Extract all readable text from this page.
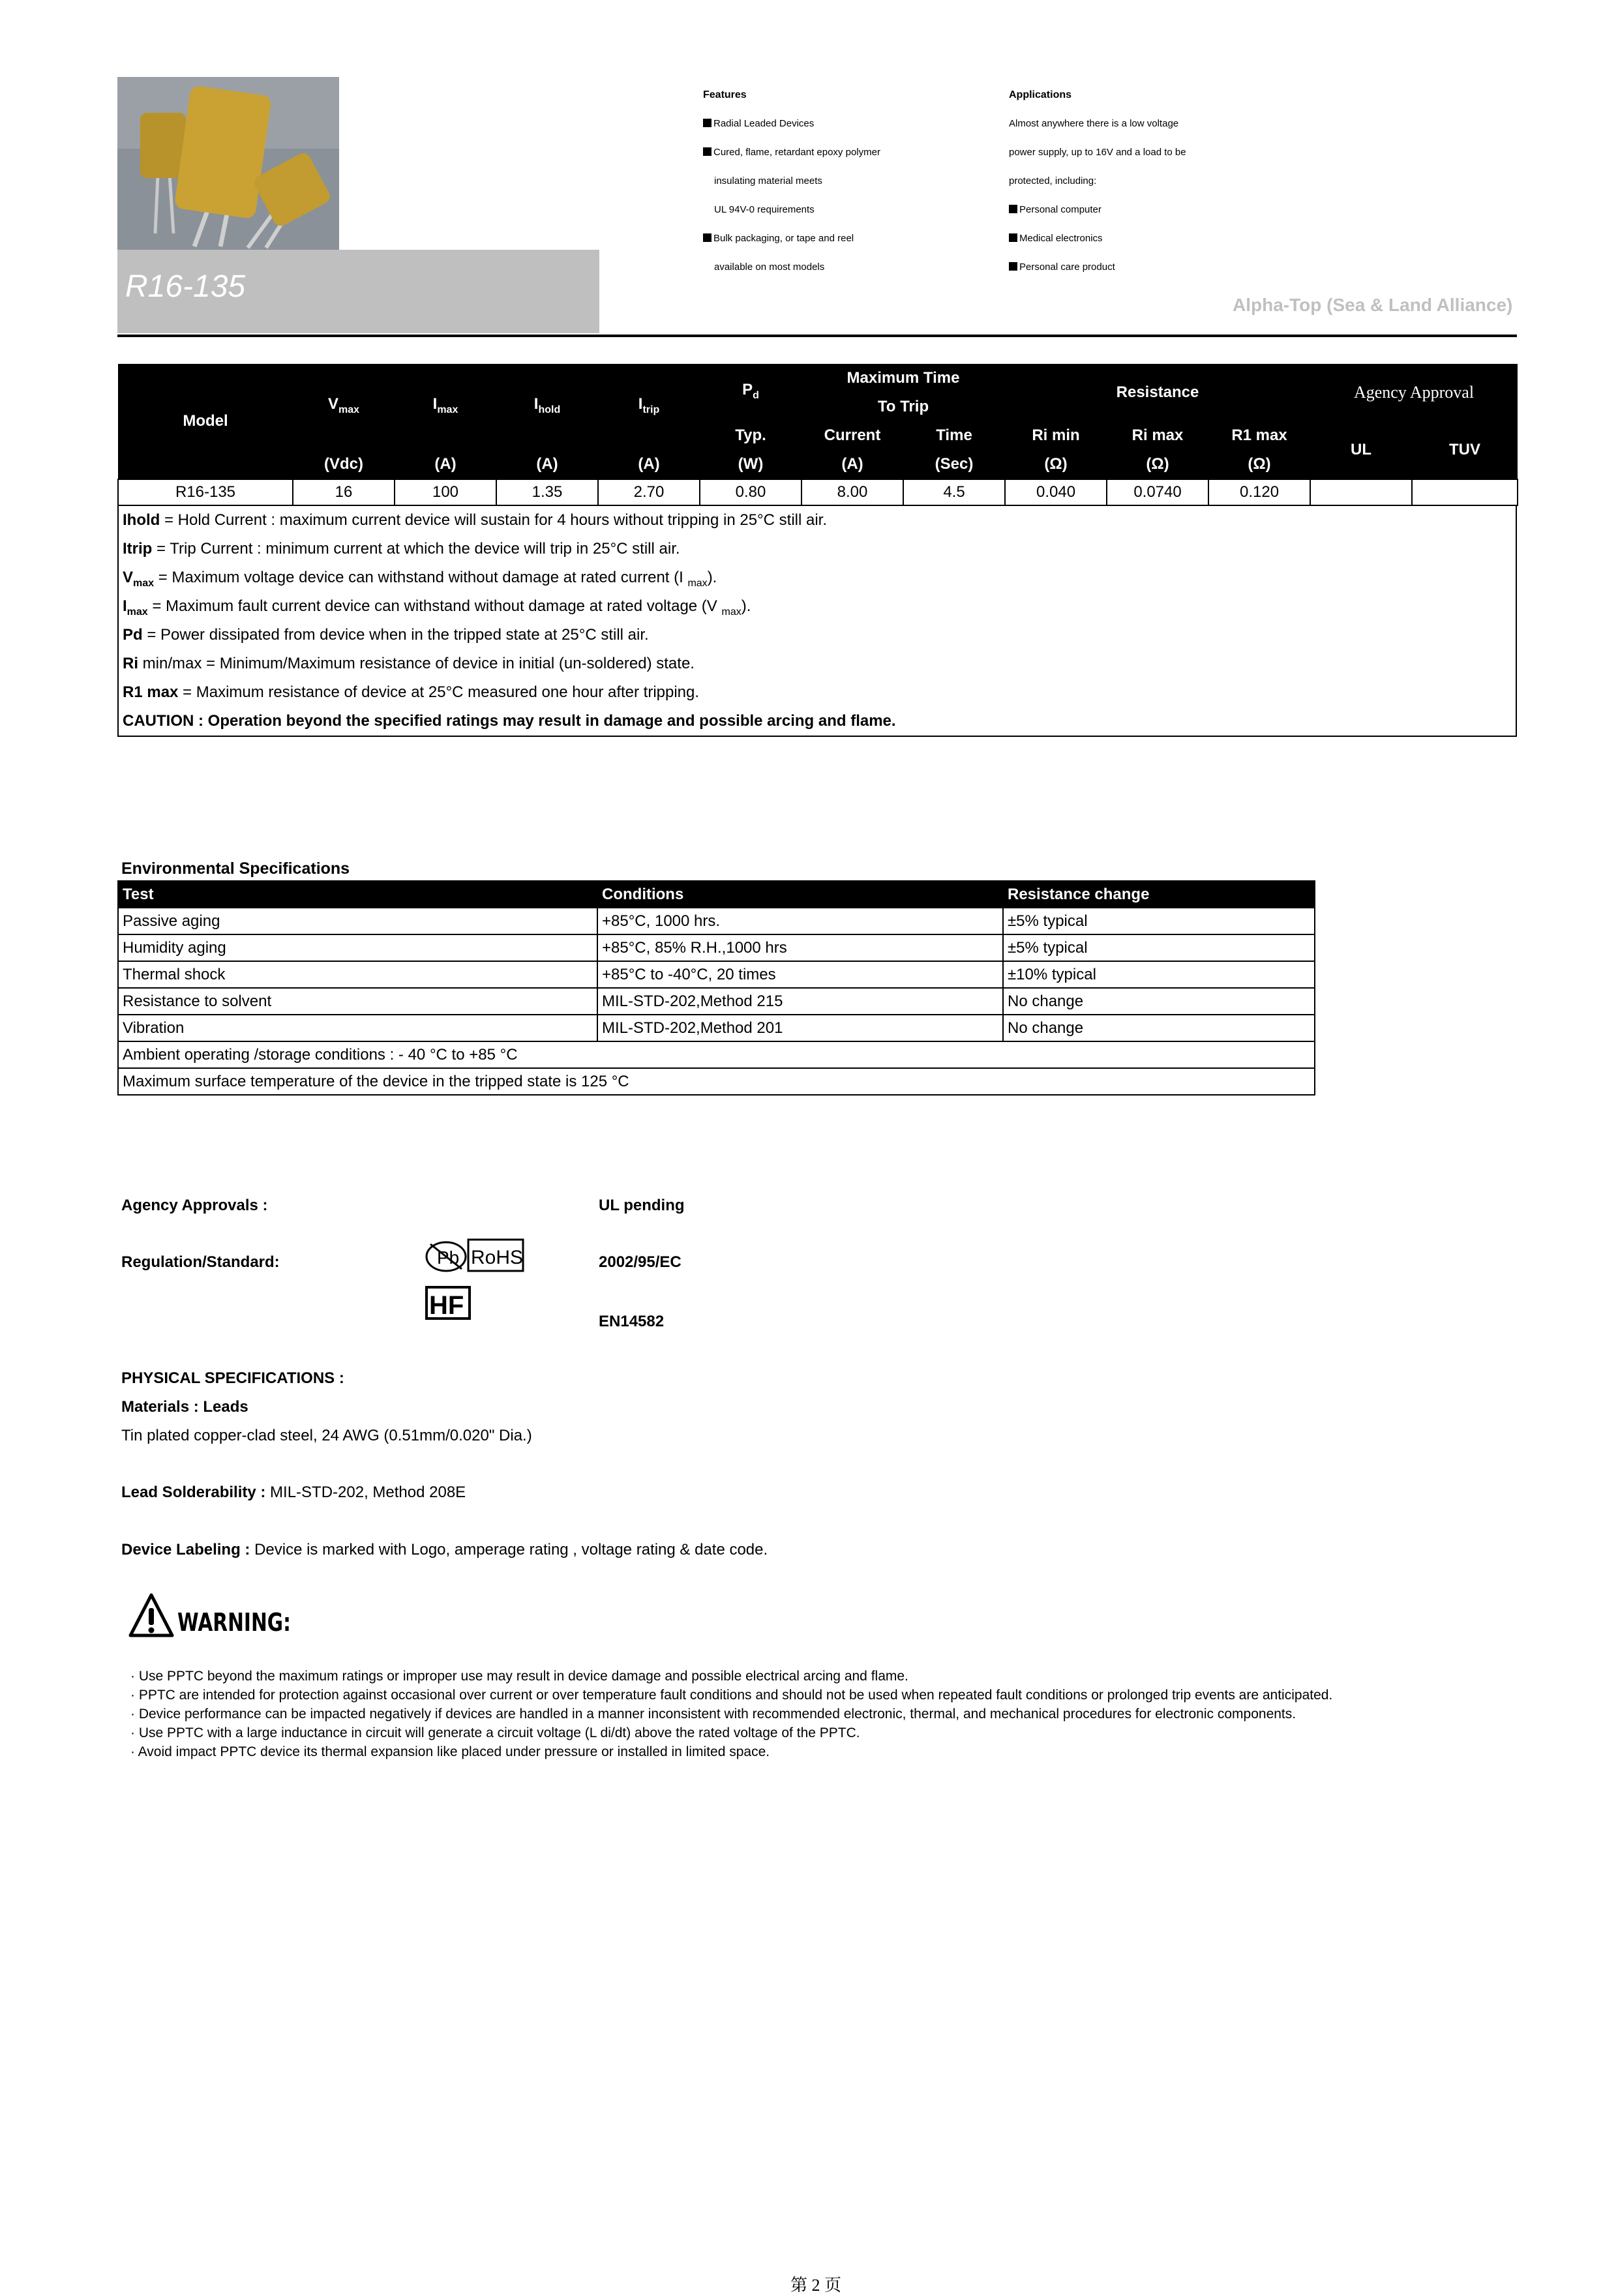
R16-135
Features
Radial Leaded Devices
Cured, flame, retardant epoxy polymer
insulating material meets
UL 94V-0 requirements
Bulk packaging, or tape and reel
available on most models
Applications
Almost anywhere there is a low voltage
power supply, up to 16V and a load to be
protected, including:
Personal computer
Medical electronics
Personal care product
Alpha-Top (Sea & Land Alliance)
Model	$V_{max}$	$I_{max}$	$I_{hold}$	$I_{trip}$	$P_d$	Maximum Time		Resistance			Agency Approval	
						To Trip						
					Typ.	Current	Time	Ri min	Ri max	R1 max	UL	TUV
	(Vdc)	(A)	(A)	(A)	(W)	(A)	(Sec)	(Ω)	(Ω)	(Ω)		
R16-135	16	100	1.35	2.70	0.80	8.00	4.5	0.040	0.0740	0.120		
Ihold = Hold Current : maximum current device will sustain for 4 hours without tripping in 25°C still air.
Itrip = Trip Current : minimum current at which the device will trip in 25°C still air.
$V_{max}$ = Maximum voltage device can withstand without damage at rated current (I $_{max}$).
$I_{max}$ = Maximum fault current device can withstand without damage at rated voltage (V $_{max}$).
Pd = Power dissipated from device when in the tripped state at 25°C still air.
Ri min/max = Minimum/Maximum resistance of device in initial (un-soldered) state.
R1 max = Maximum resistance of device at 25°C measured one hour after tripping.
CAUTION : Operation beyond the specified ratings may result in damage and possible arcing and flame.
Environmental Specifications
Test	Conditions	Resistance change
Passive aging	+85°C, 1000 hrs.	±5% typical
Humidity aging	+85°C, 85% R.H.,1000 hrs	±5% typical
Thermal shock	+85°C to -40°C, 20 times	±10% typical
Resistance to solvent	MIL-STD-202,Method 215	No change
Vibration	MIL-STD-202,Method 201	No change
Ambient operating /storage conditions : - 40 °C to +85 °C		
Maximum surface temperature of the device in the tripped state is 125 °C		
Agency Approvals :	UL pending
Regulation/Standard:	Pb RoHS	2002/95/EC
HF
EN14582
PHYSICAL SPECIFICATIONS :
Materials : Leads
Tin plated copper-clad steel, 24 AWG (0.51mm/0.020" Dia.)
Lead Solderability : MIL-STD-202, Method 208E
Device Labeling : Device is marked with Logo, amperage rating , voltage rating & date code.
WARNING:
· Use PPTC beyond the maximum ratings or improper use may result in device damage and possible electrical arcing and flame.
· PPTC are intended for protection against occasional over current or over temperature fault conditions and should not be used when repeated fault conditions or prolonged trip events are anticipated.
· Device performance can be impacted negatively if devices are handled in a manner inconsistent with recommended electronic, thermal, and mechanical procedures for electronic components.
· Use PPTC with a large inductance in circuit will generate a circuit voltage (L di/dt) above the rated voltage of the PPTC.
· Avoid impact PPTC device its thermal expansion like placed under pressure or installed in limited space.
第 2 页
